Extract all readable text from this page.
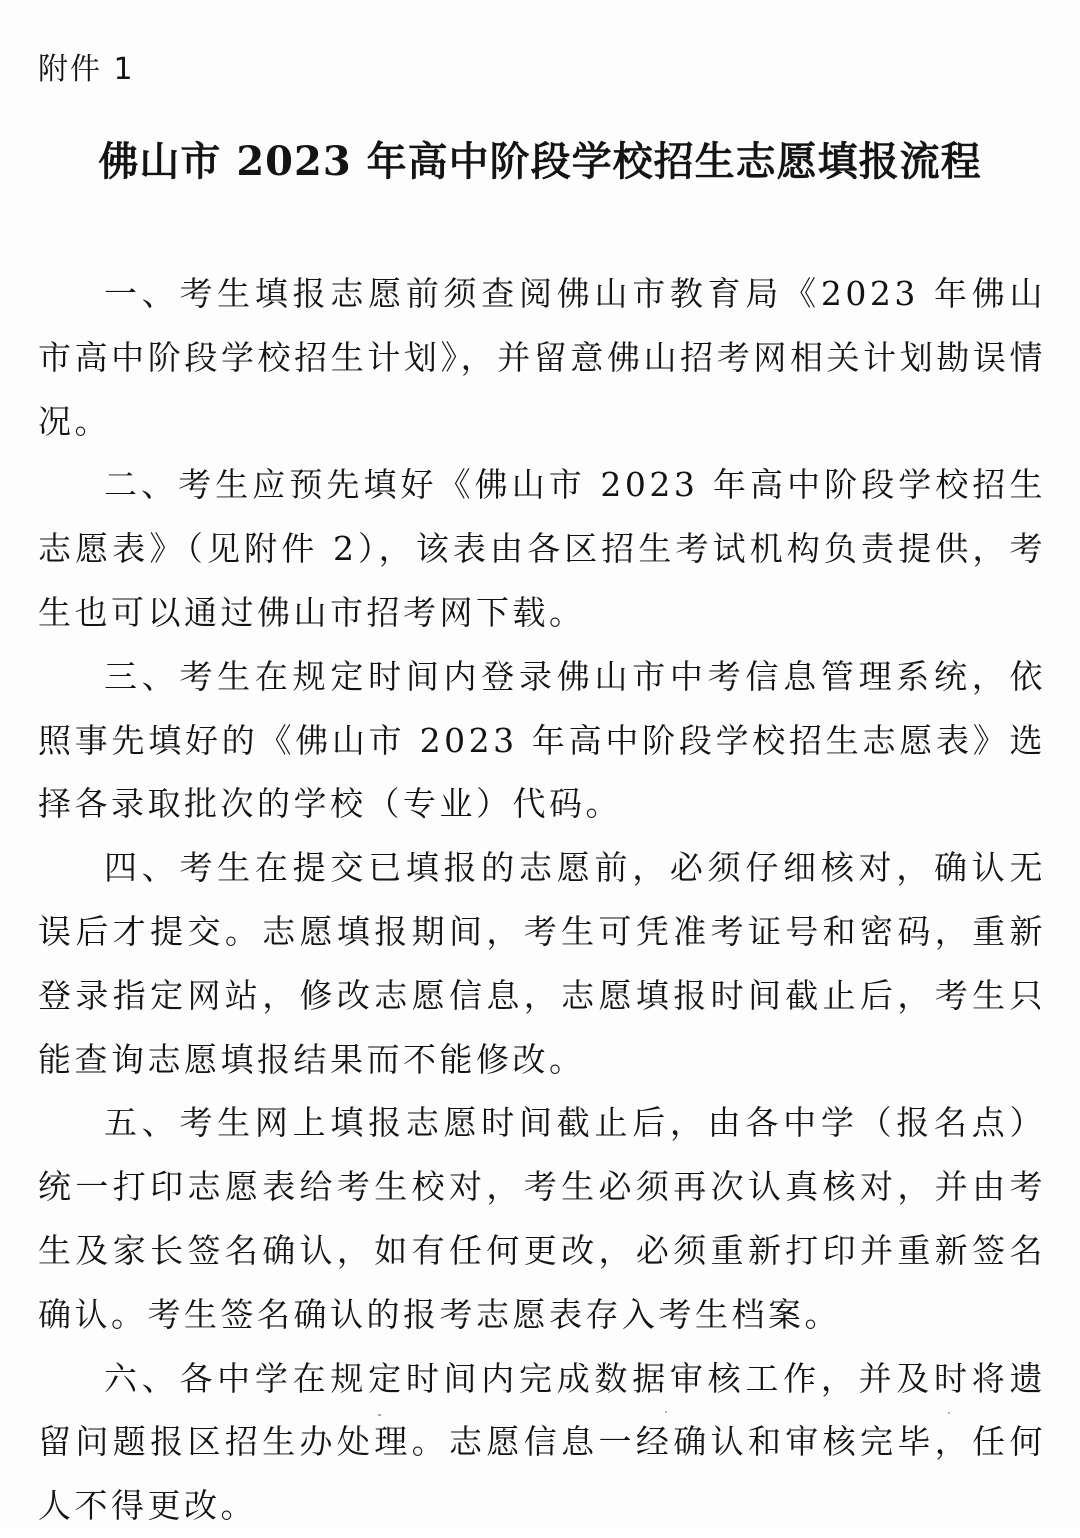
附件 1
佛山市 2023 年高中阶段学校招生志愿填报流程

一、考生填报志愿前须查阅佛山市教育局《2023 年佛山市高中阶段学校招生计划》，并留意佛山招考网相关计划勘误情况。

二、考生应预先填好《佛山市 2023 年高中阶段学校招生志愿表》（见附件 2），该表由各区招生考试机构负责提供，考生也可以通过佛山市招考网下载。

三、考生在规定时间内登录佛山市中考信息管理系统，依照事先填好的《佛山市 2023 年高中阶段学校招生志愿表》选择各录取批次的学校（专业）代码。

四、考生在提交已填报的志愿前，必须仔细核对，确认无误后才提交。志愿填报期间，考生可凭准考证号和密码，重新登录指定网站，修改志愿信息，志愿填报时间截止后，考生只能查询志愿填报结果而不能修改。

五、考生网上填报志愿时间截止后，由各中学（报名点）统一打印志愿表给考生校对，考生必须再次认真核对，并由考生及家长签名确认，如有任何更改，必须重新打印并重新签名确认。考生签名确认的报考志愿表存入考生档案。

六、各中学在规定时间内完成数据审核工作，并及时将遗留问题报区招生办处理。志愿信息一经确认和审核完毕，任何人不得更改。
